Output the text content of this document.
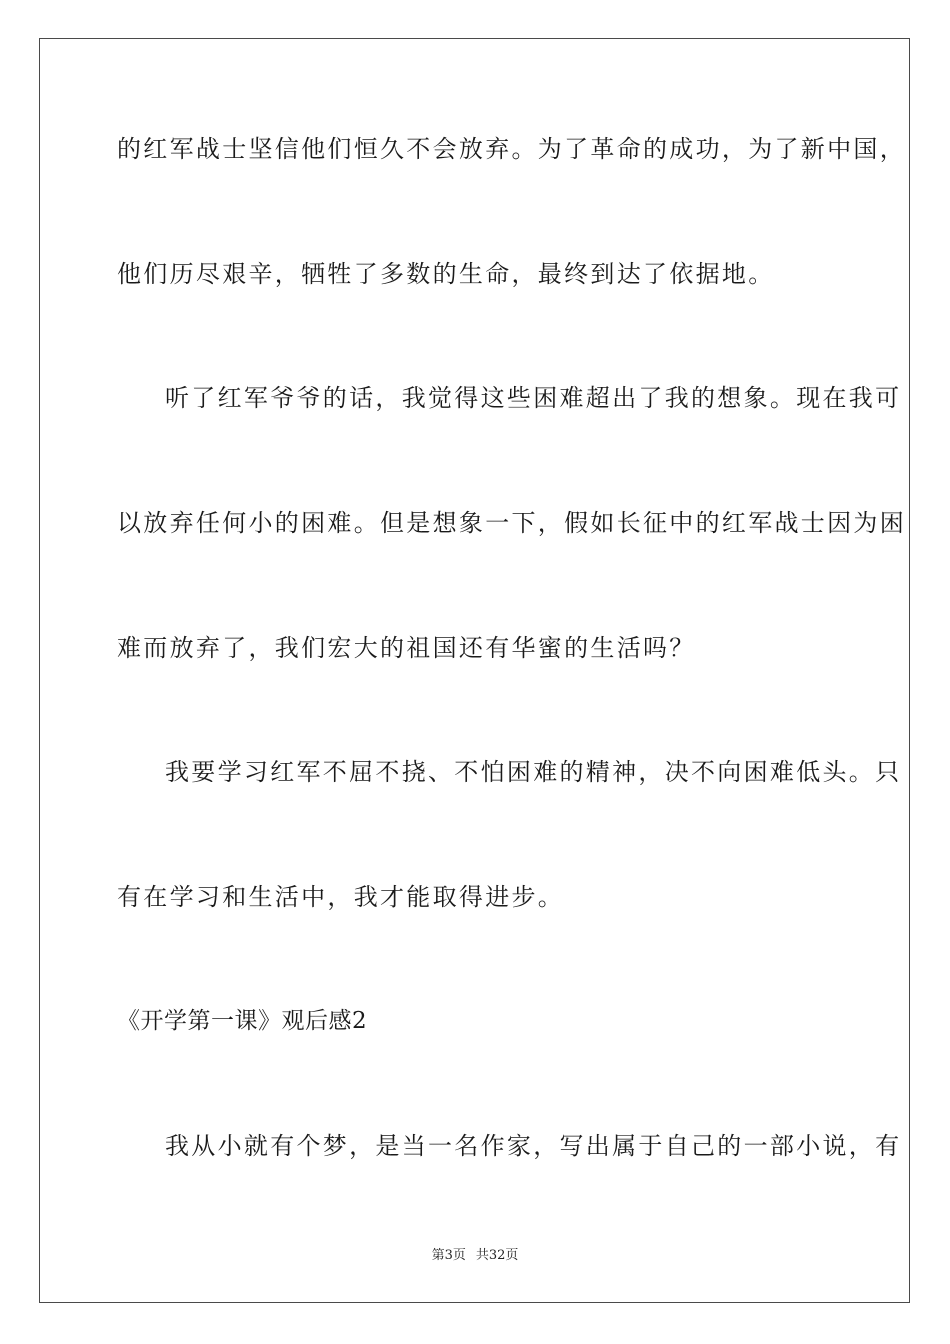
的红军战士坚信他们恒久不会放弃。为了革命的成功，为了新中国，
他们历尽艰辛，牺牲了多数的生命，最终到达了依据地。
听了红军爷爷的话，我觉得这些困难超出了我的想象。现在我可
以放弃任何小的困难。但是想象一下，假如长征中的红军战士因为困
难而放弃了，我们宏大的祖国还有华蜜的生活吗？
我要学习红军不屈不挠、不怕困难的精神，决不向困难低头。只
有在学习和生活中，我才能取得进步。
《开学第一课》观后感2
我从小就有个梦，是当一名作家，写出属于自己的一部小说，有
第3页 共32页
